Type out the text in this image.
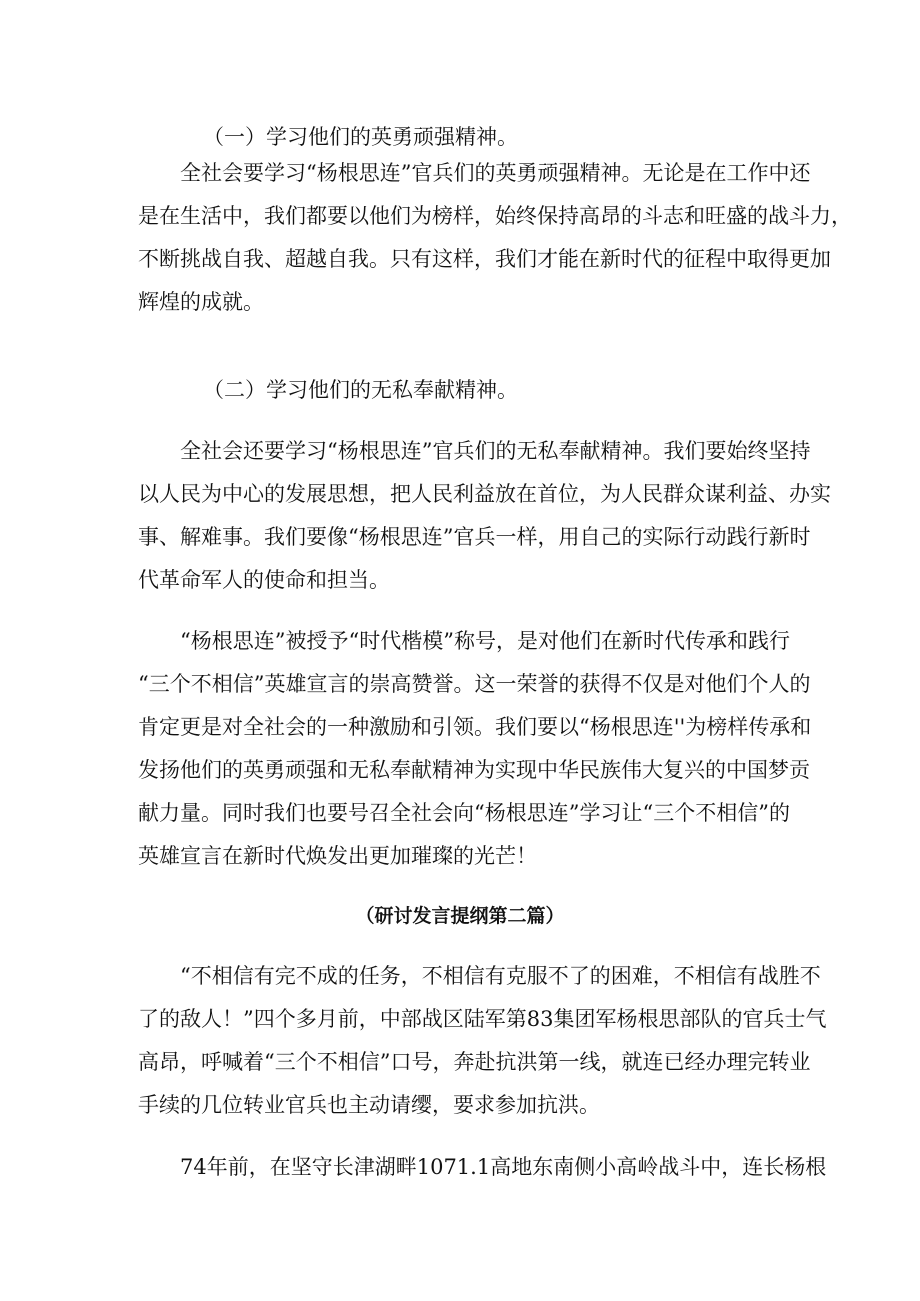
（一）学习他们的英勇顽强精神。
全社会要学习“杨根思连”官兵们的英勇顽强精神。无论是在工作中还
是在生活中，我们都要以他们为榜样，始终保持高昂的斗志和旺盛的战斗力，
不断挑战自我、超越自我。只有这样，我们才能在新时代的征程中取得更加
辉煌的成就。
（二）学习他们的无私奉献精神。
全社会还要学习“杨根思连”官兵们的无私奉献精神。我们要始终坚持
以人民为中心的发展思想，把人民利益放在首位，为人民群众谋利益、办实
事、解难事。我们要像“杨根思连”官兵一样，用自己的实际行动践行新时
代革命军人的使命和担当。
“杨根思连”被授予“时代楷模”称号，是对他们在新时代传承和践行
“三个不相信”英雄宣言的崇高赞誉。这一荣誉的获得不仅是对他们个人的
肯定更是对全社会的一种激励和引领。我们要以“杨根思连''为榜样传承和
发扬他们的英勇顽强和无私奉献精神为实现中华民族伟大复兴的中国梦贡
献力量。同时我们也要号召全社会向“杨根思连”学习让“三个不相信”的
英雄宣言在新时代焕发出更加璀璨的光芒！
（研讨发言提纲第二篇）
“不相信有完不成的任务，不相信有克服不了的困难，不相信有战胜不
了的敌人！”四个多月前，中部战区陆军第83集团军杨根思部队的官兵士气
高昂，呼喊着“三个不相信”口号，奔赴抗洪第一线，就连已经办理完转业
手续的几位转业官兵也主动请缨，要求参加抗洪。
74年前，在坚守长津湖畔1071.1高地东南侧小高岭战斗中，连长杨根
